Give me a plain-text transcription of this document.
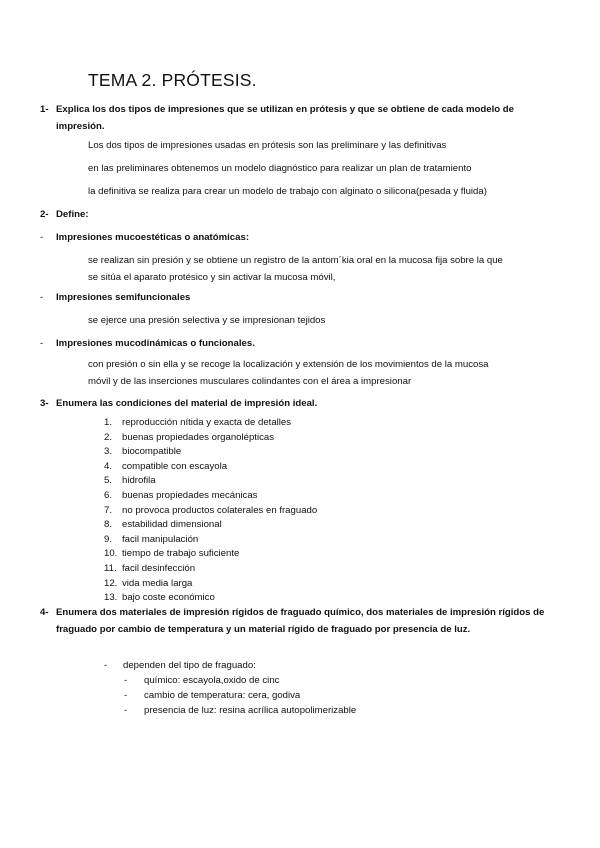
TEMA 2. PRÓTESIS.
1- Explica los dos tipos de impresiones que se utilizan en prótesis y que se obtiene de cada modelo de impresión.
Los dos tipos de impresiones usadas en prótesis son las preliminare y las definitivas
en las preliminares obtenemos un modelo diagnóstico para realizar un plan de tratamiento
la definitiva se realiza para crear un modelo de trabajo con alginato o silicona(pesada y fluida)
2- Define:
- Impresiones mucoestéticas o anatómicas:
se realizan sin presión y se obtiene un registro de la antom´kia oral en la mucosa fija sobre la que se sitúa el aparato protésico y sin activar la mucosa móvil,
- Impresiones semifuncionales
se ejerce una presión selectiva y se impresionan tejidos
- Impresiones mucodinámicas o funcionales.
con presión o sin ella y se recoge la localización y extensión de los movimientos de la mucosa móvil y de las inserciones musculares colindantes con el área a impresionar
3- Enumera las condiciones del material de impresión ideal.
1. reproducción nítida y exacta de detalles
2. buenas propiedades organolépticas
3. biocompatible
4. compatible con escayola
5. hidrofila
6. buenas propiedades mecánicas
7. no provoca productos colaterales en fraguado
8. estabilidad dimensional
9. facil manipulación
10. tiempo de trabajo suficiente
11. facil desinfección
12. vida media larga
13. bajo coste económico
4- Enumera dos materiales de impresión rígidos de fraguado químico, dos materiales de impresión rígidos de fraguado por cambio de temperatura y un material rígido de fraguado por presencia de luz.
- dependen del tipo de fraguado:
- químico: escayola,oxido de cinc
- cambio de temperatura: cera, godiva
- presencia de luz: resina acrílica autopolimerizable
